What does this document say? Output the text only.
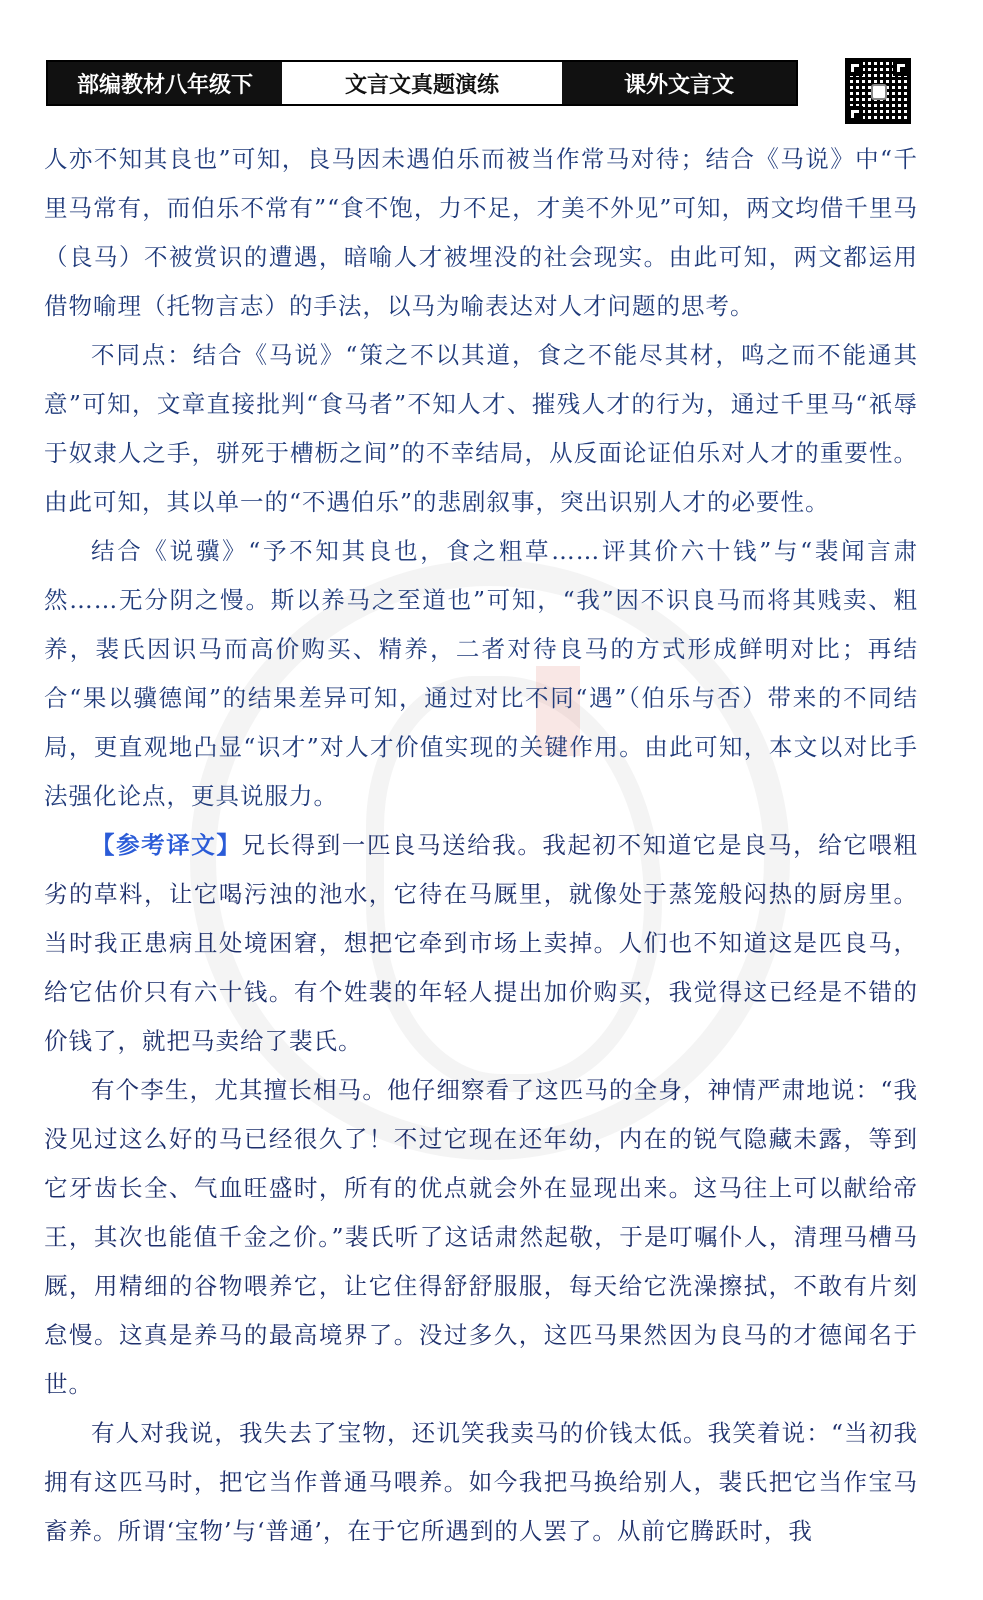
部编教材八年级下	文言文真题演练	课外文言文

人亦不知其良也”可知，良马因未遇伯乐而被当作常马对待；结合《马说》中“千里马常有，而伯乐不常有”“食不饱，力不足，才美不外见”可知，两文均借千里马（良马）不被赏识的遭遇，暗喻人才被埋没的社会现实。由此可知，两文都运用借物喻理（托物言志）的手法，以马为喻表达对人才问题的思考。

不同点：结合《马说》“策之不以其道，食之不能尽其材，鸣之而不能通其意”可知，文章直接批判“食马者”不知人才、摧残人才的行为，通过千里马“祇辱于奴隶人之手，骈死于槽枥之间”的不幸结局，从反面论证伯乐对人才的重要性。由此可知，其以单一的“不遇伯乐”的悲剧叙事，突出识别人才的必要性。

结合《说骥》“予不知其良也，食之粗草……评其价六十钱”与“裴闻言肃然……无分阴之慢。斯以养马之至道也”可知，“我”因不识良马而将其贱卖、粗养，裴氏因识马而高价购买、精养，二者对待良马的方式形成鲜明对比；再结合“果以骥德闻”的结果差异可知，通过对比不同“遇”（伯乐与否）带来的不同结局，更直观地凸显“识才”对人才价值实现的关键作用。由此可知，本文以对比手法强化论点，更具说服力。

【参考译文】兄长得到一匹良马送给我。我起初不知道它是良马，给它喂粗劣的草料，让它喝污浊的池水，它待在马厩里，就像处于蒸笼般闷热的厨房里。当时我正患病且处境困窘，想把它牵到市场上卖掉。人们也不知道这是匹良马，给它估价只有六十钱。有个姓裴的年轻人提出加价购买，我觉得这已经是不错的价钱了，就把马卖给了裴氏。

有个李生，尤其擅长相马。他仔细察看了这匹马的全身，神情严肃地说：“我没见过这么好的马已经很久了！不过它现在还年幼，内在的锐气隐藏未露，等到它牙齿长全、气血旺盛时，所有的优点就会外在显现出来。这马往上可以献给帝王，其次也能值千金之价。”裴氏听了这话肃然起敬，于是叮嘱仆人，清理马槽马厩，用精细的谷物喂养它，让它住得舒舒服服，每天给它洗澡擦拭，不敢有片刻怠慢。这真是养马的最高境界了。没过多久，这匹马果然因为良马的才德闻名于世。

有人对我说，我失去了宝物，还讥笑我卖马的价钱太低。我笑着说：“当初我拥有这匹马时，把它当作普通马喂养。如今我把马换给别人，裴氏把它当作宝马畜养。所谓‘宝物’与‘普通’，在于它所遇到的人罢了。从前它腾跃时，我
